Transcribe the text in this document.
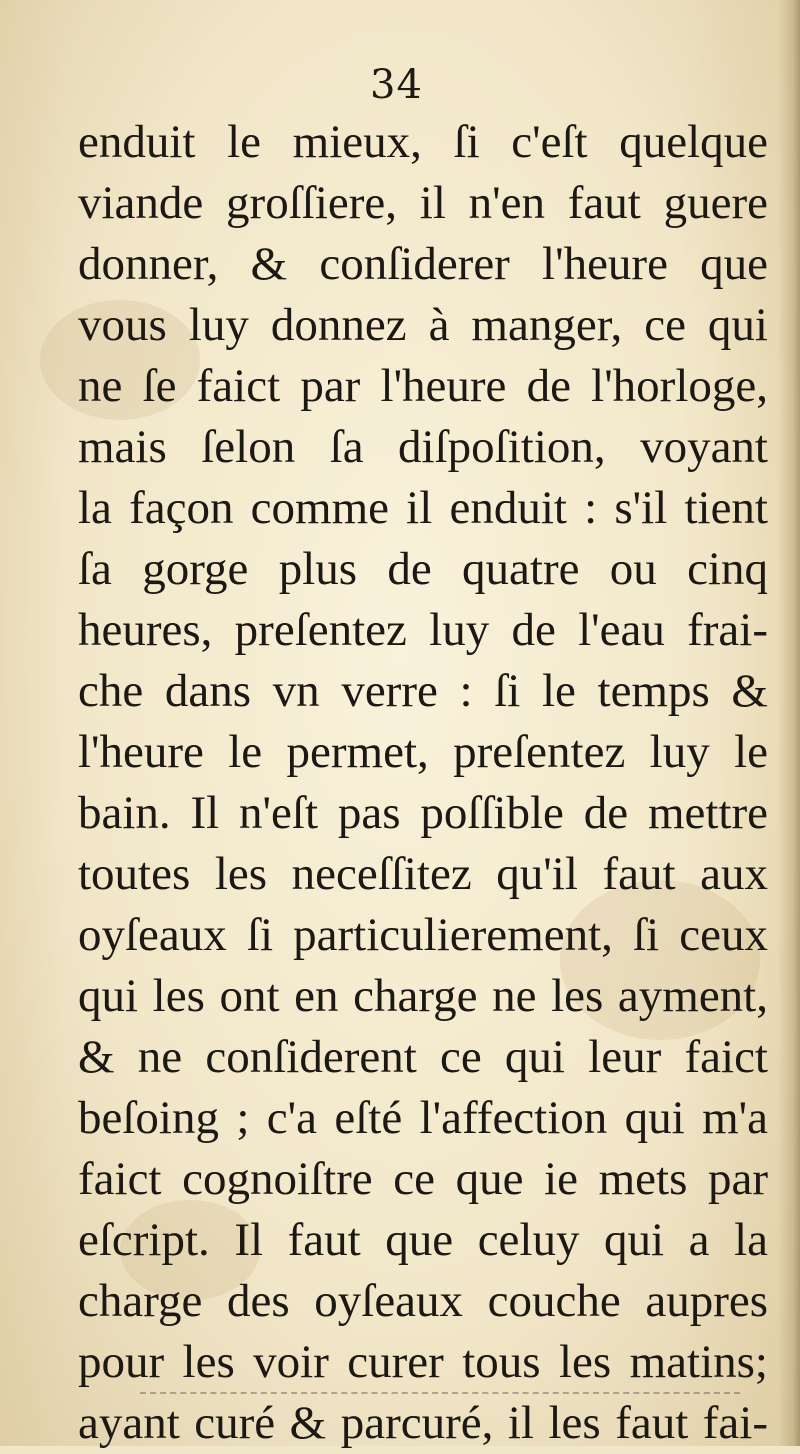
34
enduit le mieux, ſi c'eſt quelque
viande groſſiere, il n'en faut guere
donner, & conſiderer l'heure que
vous luy donnez à manger, ce qui
ne ſe faict par l'heure de l'horloge,
mais ſelon ſa diſpoſition, voyant
la façon comme il enduit : s'il tient
ſa gorge plus de quatre ou cinq
heures, preſentez luy de l'eau frai-
che dans vn verre : ſi le temps &
l'heure le permet, preſentez luy le
bain. Il n'eſt pas poſſible de mettre
toutes les neceſſitez qu'il faut aux
oyſeaux ſi particulierement, ſi ceux
qui les ont en charge ne les ayment,
& ne conſiderent ce qui leur faict
beſoing ; c'a eſté l'affection qui m'a
faict cognoiſtre ce que ie mets par
eſcript. Il faut que celuy qui a la
charge des oyſeaux couche aupres
pour les voir curer tous les matins;
ayant curé & parcuré, il les faut fai-
